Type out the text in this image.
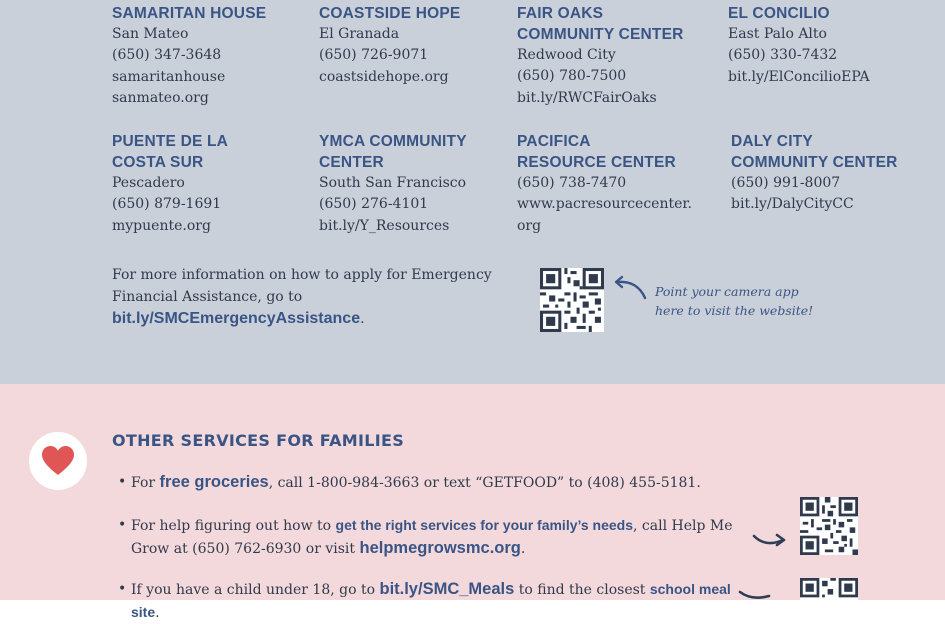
SAMARITAN HOUSE
San Mateo
(650) 347-3648
samaritanhouse
sanmateo.org
COASTSIDE HOPE
El Granada
(650) 726-9071
coastsidehope.org
FAIR OAKS
COMMUNITY CENTER
Redwood City
(650) 780-7500
bit.ly/RWCFairOaks
EL CONCILIO
East Palo Alto
(650) 330-7432
bit.ly/ElConcilioEPA
PUENTE DE LA
COSTA SUR
Pescadero
(650) 879-1691
mypuente.org
YMCA COMMUNITY
CENTER
South San Francisco
(650) 276-4101
bit.ly/Y_Resources
PACIFICA
RESOURCE CENTER
(650) 738-7470
www.pacresourcecenter.
org
DALY CITY
COMMUNITY CENTER
(650) 991-8007
bit.ly/DalyCityCC
For more information on how to apply for Emergency Financial Assistance, go to bit.ly/SMCEmergencyAssistance.
Point your camera app
here to visit the website!
OTHER SERVICES FOR FAMILIES
• For free groceries, call 1-800-984-3663 or text “GETFOOD” to (408) 455-5181.
• For help figuring out how to get the right services for your family’s needs, call Help Me Grow at (650) 762-6930 or visit helpmegrowsmc.org.
• If you have a child under 18, go to bit.ly/SMC_Meals to find the closest school meal site.
